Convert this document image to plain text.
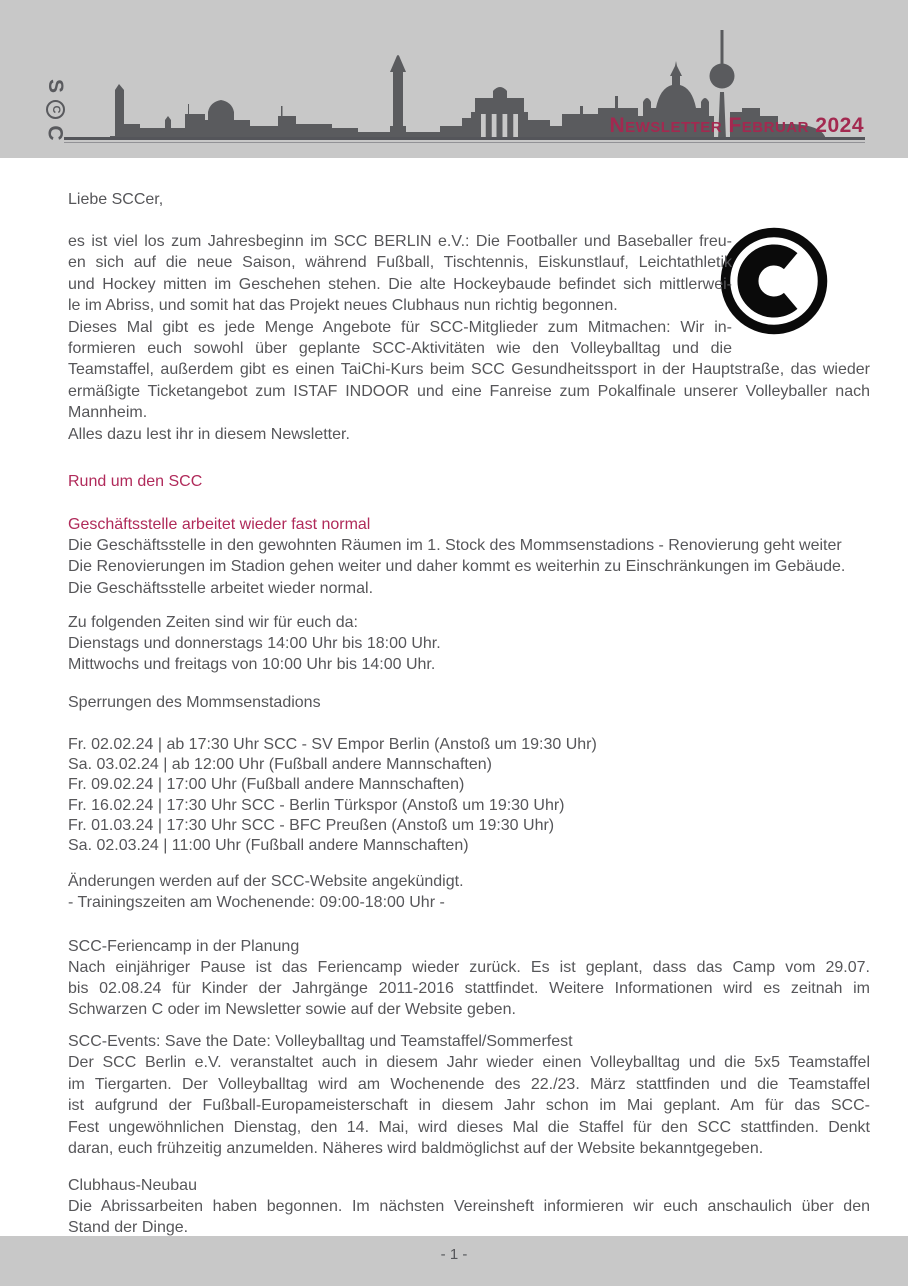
S
C
C	Newsletter Februar 2024
Liebe SCCer,
es ist viel los zum Jahresbeginn im SCC BERLIN e.V.: Die Footballer und Baseballer freu-
en sich auf die neue Saison, während Fußball, Tischtennis, Eiskunstlauf, Leichtathletik
und Hockey mitten im Geschehen stehen. Die alte Hockeybaude befindet sich mittlerwei-
le im Abriss, und somit hat das Projekt neues Clubhaus nun richtig begonnen.
Dieses Mal gibt es jede Menge Angebote für SCC-Mitglieder zum Mitmachen: Wir in-
formieren euch sowohl über geplante SCC-Aktivitäten wie den Volleyballtag und die
Teamstaffel, außerdem gibt es einen TaiChi-Kurs beim SCC Gesundheitssport in der Hauptstraße, das wieder
ermäßigte Ticketangebot zum ISTAF INDOOR und eine Fanreise zum Pokalfinale unserer Volleyballer nach
Mannheim.
Alles dazu lest ihr in diesem Newsletter.
Rund um den SCC
Geschäftsstelle arbeitet wieder fast normal
Die Geschäftsstelle in den gewohnten Räumen im 1. Stock des Mommsenstadions - Renovierung geht weiter
Die Renovierungen im Stadion gehen weiter und daher kommt es weiterhin zu Einschränkungen im Gebäude.
Die Geschäftsstelle arbeitet wieder normal.
Zu folgenden Zeiten sind wir für euch da:
Dienstags und donnerstags 14:00 Uhr bis 18:00 Uhr.
Mittwochs und freitags von 10:00 Uhr bis 14:00 Uhr.
Sperrungen des Mommsenstadions
Fr. 02.02.24 | ab 17:30 Uhr SCC - SV Empor Berlin (Anstoß um 19:30 Uhr)
Sa. 03.02.24 | ab 12:00 Uhr (Fußball andere Mannschaften)
Fr. 09.02.24 | 17:00 Uhr (Fußball andere Mannschaften)
Fr. 16.02.24 | 17:30 Uhr SCC - Berlin Türkspor (Anstoß um 19:30 Uhr)
Fr. 01.03.24 | 17:30 Uhr SCC - BFC Preußen (Anstoß um 19:30 Uhr)
Sa. 02.03.24 | 11:00 Uhr (Fußball andere Mannschaften)
Änderungen werden auf der SCC-Website angekündigt.
- Trainingszeiten am Wochenende: 09:00-18:00 Uhr -
SCC-Feriencamp in der Planung
Nach einjähriger Pause ist das Feriencamp wieder zurück. Es ist geplant, dass das Camp vom 29.07.
bis 02.08.24 für Kinder der Jahrgänge 2011-2016 stattfindet. Weitere Informationen wird es zeitnah im
Schwarzen C oder im Newsletter sowie auf der Website geben.
SCC-Events: Save the Date: Volleyballtag und Teamstaffel/Sommerfest
Der SCC Berlin e.V. veranstaltet auch in diesem Jahr wieder einen Volleyballtag und die 5x5 Teamstaffel
im Tiergarten. Der Volleyballtag wird am Wochenende des 22./23. März stattfinden und die Teamstaffel
ist aufgrund der Fußball-Europameisterschaft in diesem Jahr schon im Mai geplant. Am für das SCC-
Fest ungewöhnlichen Dienstag, den 14. Mai, wird dieses Mal die Staffel für den SCC stattfinden. Denkt
daran, euch frühzeitig anzumelden. Näheres wird baldmöglichst auf der Website bekanntgegeben.
Clubhaus-Neubau
Die Abrissarbeiten haben begonnen. Im nächsten Vereinsheft informieren wir euch anschaulich über den
Stand der Dinge.
- 1 -
